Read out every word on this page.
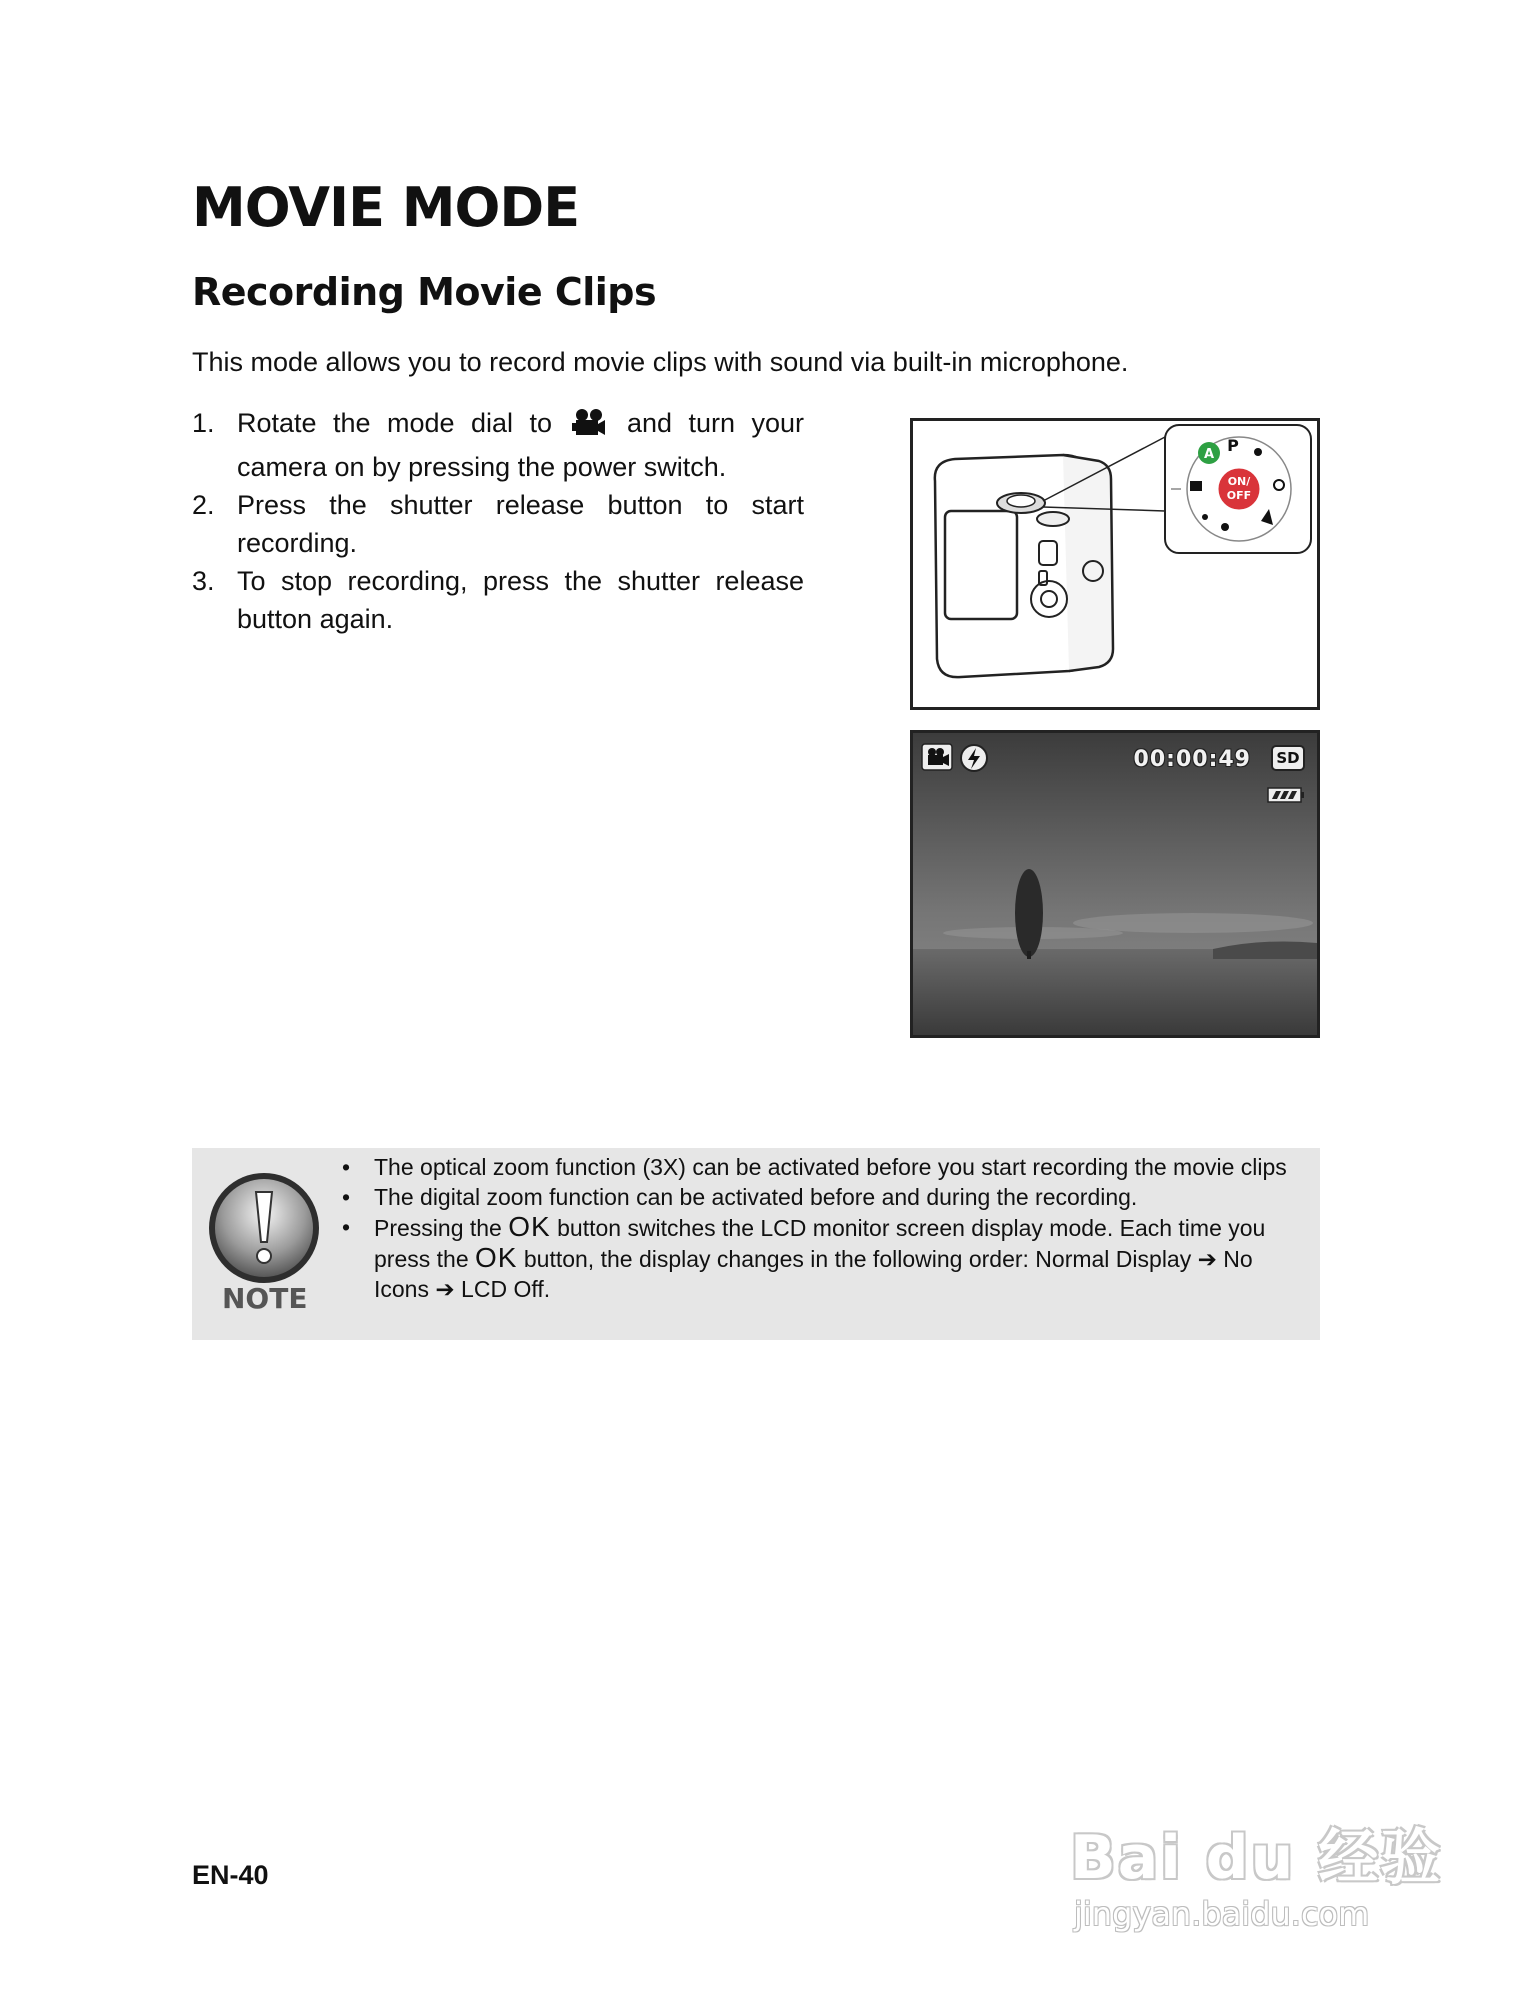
MOVIE MODE
Recording Movie Clips
This mode allows you to record movie clips with sound via built-in microphone.
1. Rotate the mode dial to	and turn your camera on by pressing the power switch.
2. Press the shutter release button to start recording.
3. To stop recording, press the shutter release button again.
ON/
OFF
A P
00:00:49	SD
NOTE
• The optical zoom function (3X) can be activated before you start recording the movie clips
• The digital zoom function can be activated before and during the recording.
• Pressing the OK button switches the LCD monitor screen display mode. Each time you press the OK button, the display changes in the following order: Normal Display ➔ No Icons ➔ LCD Off.
EN-40	Bai du 经验
jingyan.baidu.com
